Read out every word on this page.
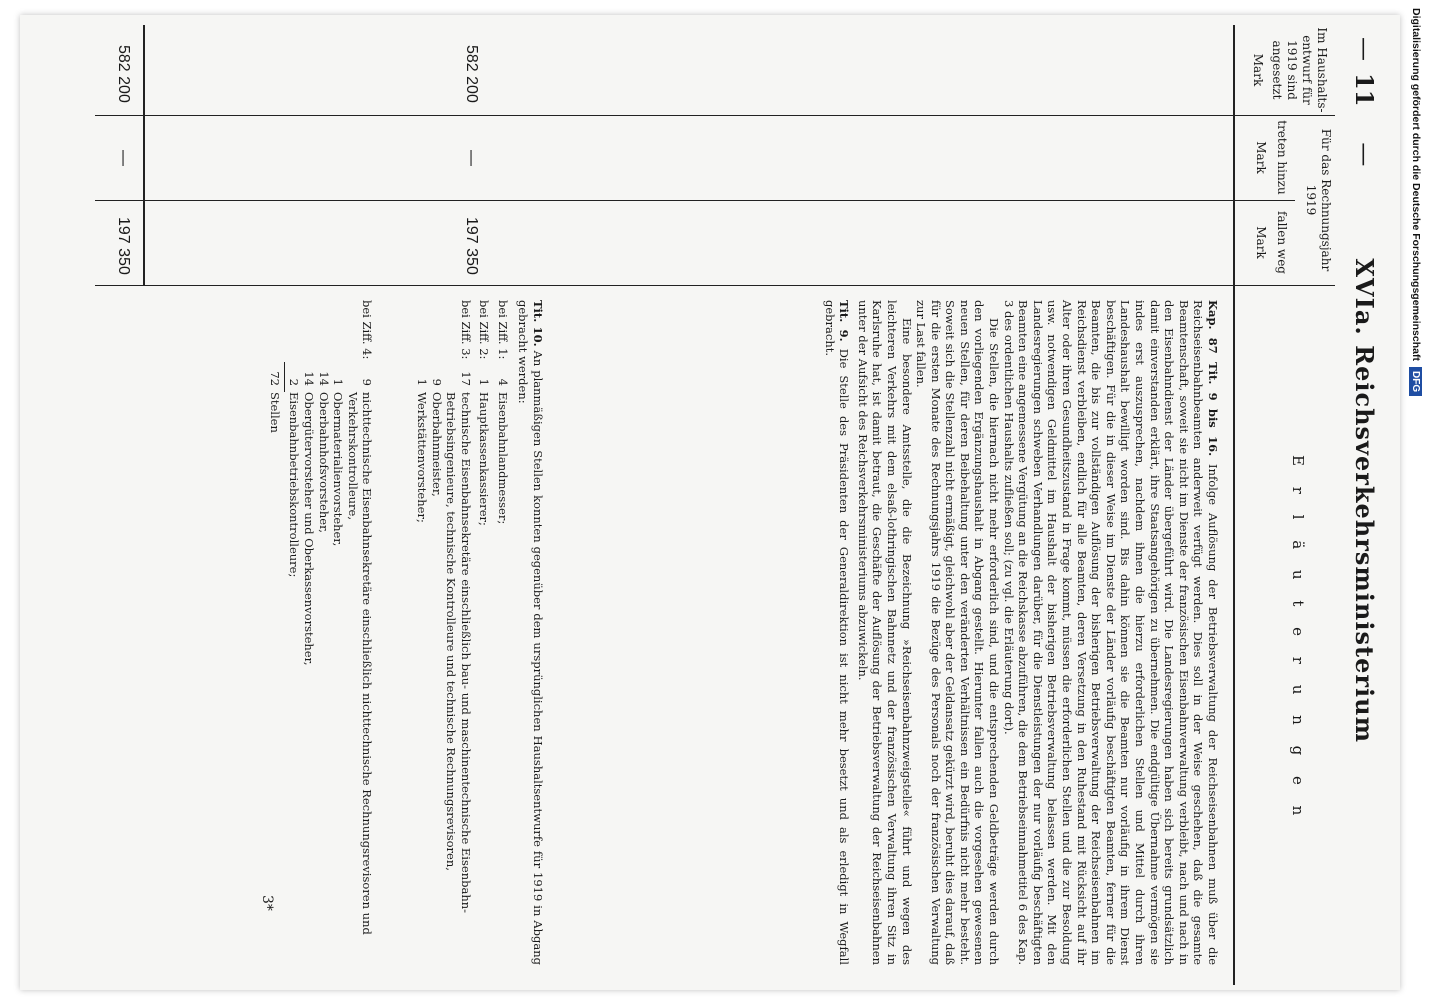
—
11
—
XVIa. Reichsverkehrsministerium
Im Haushalts-entwurf für 1919 sind angesetzt
Mark
Für das Rechnungsjahr 1919
treten hinzu
Mark
fallen weg
Mark
E r l ä u t e r u n g e n
582 200
—
197 350
582 200
—
197 350

Kap. 87 Tit. 9 bis 16. Infolge Auflösung der Betriebsverwaltung der Reichseisenbahnen muß über die Reichseisenbahnbeamten anderweit verfügt werden. Dies soll in der Weise geschehen, daß die gesamte Beamtenschaft, soweit sie nicht im Dienste der französischen Eisenbahnverwaltung verbleibt, nach und nach in den Eisenbahndienst der Länder übergeführt wird. Die Landesregierungen haben sich bereits grundsätzlich damit einverstanden erklärt, ihre Staatsangehörigen zu übernehmen. Die endgültige Übernahme vermögen sie indes erst auszusprechen, nachdem ihnen die hierzu erforderlichen Stellen und Mittel durch ihren Landeshaushalt bewilligt worden sind. Bis dahin können sie die Beamten nur vorläufig in ihrem Dienst beschäftigen. Für die in dieser Weise im Dienste der Länder vorläufig beschäftigten Beamten, ferner für die Beamten, die bis zur vollständigen Auflösung der bisherigen Betriebsverwaltung der Reichseisenbahnen im Reichsdienst verbleiben, endlich für alle Beamten, deren Versetzung in den Ruhestand mit Rücksicht auf ihr Alter oder ihren Gesundheitszustand in Frage kommt, müssen die erforderlichen Stellen und die zur Besoldung usw. notwendigen Geldmittel im Haushalt der bisherigen Betriebsverwaltung belassen werden. Mit den Landesregierungen schweben Verhandlungen darüber, für die Dienstleistungen der nur vorläufig beschäftigten Beamten eine angemessene Vergütung an die Reichskasse abzuführen, die dem Betriebseinnahmetitel 6 des Kap. 3 des ordentlichen Haushalts zufließen soll; (zu vgl. die Erläuterung dort).

Die Stellen, die hiernach nicht mehr erforderlich sind, und die entsprechenden Geldbeträge werden durch den vorliegenden Ergänzungshaushalt in Abgang gestellt. Hierunter fallen auch die vorgesehen gewesenen neuen Stellen, für deren Beibehaltung unter den veränderten Verhältnissen ein Bedürfnis nicht mehr besteht. Soweit sich die Stellenzahl nicht ermäßigt, gleichwohl aber der Geldansatz gekürzt wird, beruht dies darauf, daß für die ersten Monate des Rechnungsjahrs 1919 die Bezüge des Personals noch der französischen Verwaltung zur Last fallen.

Eine besondere Amtsstelle, die die Bezeichnung »Reichseisenbahnzweigstelle« führt und wegen des leichteren Verkehrs mit dem elsaß-lothringischen Bahnnetz und der französischen Verwaltung ihren Sitz in Karlsruhe hat, ist damit betraut, die Geschäfte der Auflösung der Betriebsverwaltung der Reichseisenbahnen unter der Aufsicht des Reichsverkehrsministeriums abzuwickeln.

Tit. 9. Die Stelle des Präsidenten der Generaldirektion ist nicht mehr besetzt und als erledigt in Wegfall gebracht.

Tit. 10. An planmäßigen Stellen konnten gegenüber dem ursprünglichen Haushaltsentwurfe für 1919 in Abgang gebracht werden:

bei Ziff. 1:
4
Eisenbahnlandmesser;
bei Ziff. 2:
1
Hauptkassenkassierer;
bei Ziff. 3:
17
technische Eisenbahnsekretäre einschließlich bau- und maschinentechnische Eisenbahn-Betriebsingenieure, technische Kontrolleure und technische Rechnungsrevisoren,
9
Oberbahnmeister,
1
Werkstättenvorsteher;
bei Ziff. 4:
9
nichttechnische Eisenbahnsekretäre einschließlich nichttechnische Rechnungsrevisoren und Verkehrskontrolleure,
1
Obermaterialienvorsteher,
14
Oberbahnhofsvorsteher,
14
Obergütervorsteher und Oberkassenvorsteher,
2
Eisenbahnbetriebskontrolleure;
72
Stellen
3*
Digitalisierung gefördert durch die Deutsche Forschungsgemeinschaft
DFG
